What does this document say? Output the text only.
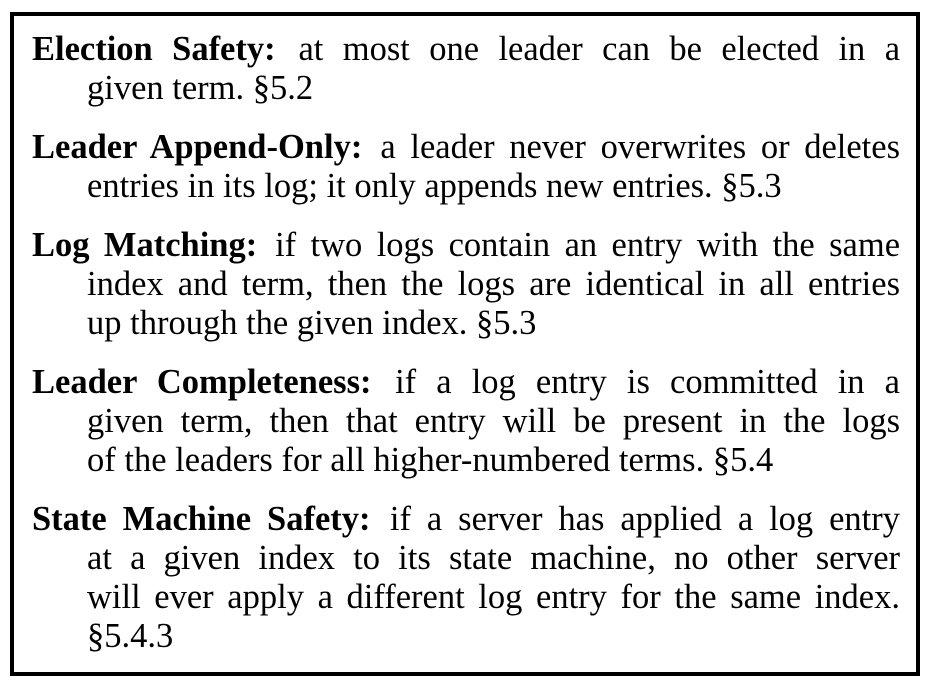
Election Safety: at most one leader can be elected in a
given term. §5.2
Leader Append-Only: a leader never overwrites or deletes
entries in its log; it only appends new entries. §5.3
Log Matching: if two logs contain an entry with the same
index and term, then the logs are identical in all entries
up through the given index. §5.3
Leader Completeness: if a log entry is committed in a
given term, then that entry will be present in the logs
of the leaders for all higher-numbered terms. §5.4
State Machine Safety: if a server has applied a log entry
at a given index to its state machine, no other server
will ever apply a different log entry for the same index.
§5.4.3
